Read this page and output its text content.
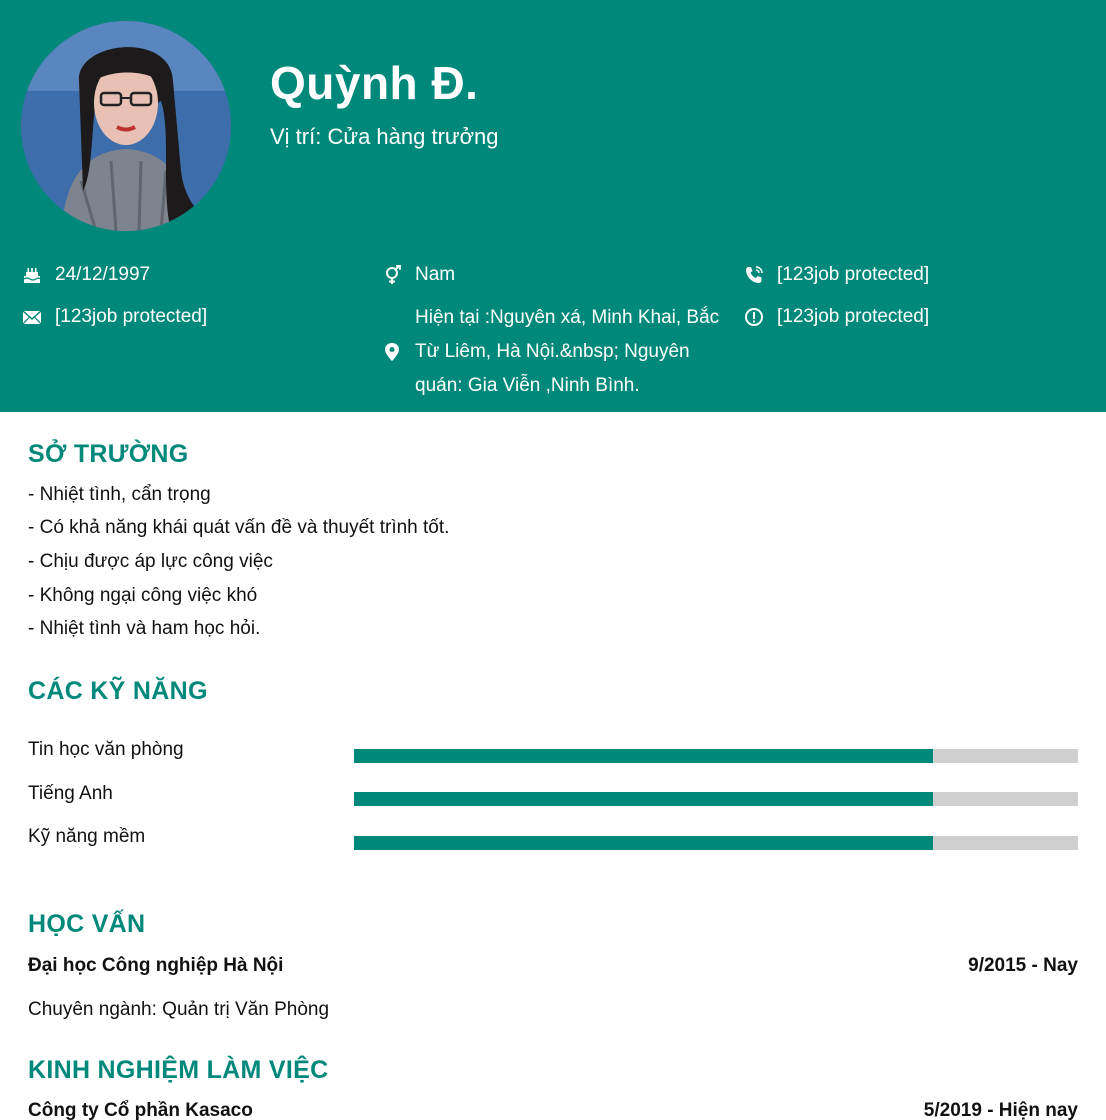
Quỳnh Đ.
Vị trí: Cửa hàng trưởng
24/12/1997
[123job protected]
Nam
Hiện tại :Nguyên xá, Minh Khai, Bắc Từ Liêm, Hà Nội.&nbsp; Nguyên quán: Gia Viễn ,Ninh Bình.
[123job protected]
[123job protected]
SỞ TRƯỜNG
- Nhiệt tình, cẩn trọng
- Có khả năng khái quát vấn đề và thuyết trình tốt.
- Chịu được áp lực công việc
- Không ngại công việc khó
- Nhiệt tình và ham học hỏi.
CÁC KỸ NĂNG
Tin học văn phòng
Tiếng Anh
Kỹ năng mềm
HỌC VẤN
Đại học Công nghiệp Hà Nội	9/2015 - Nay
Chuyên ngành: Quản trị Văn Phòng
KINH NGHIỆM LÀM VIỆC
Công ty Cổ phần Kasaco	5/2019 - Hiện nay
